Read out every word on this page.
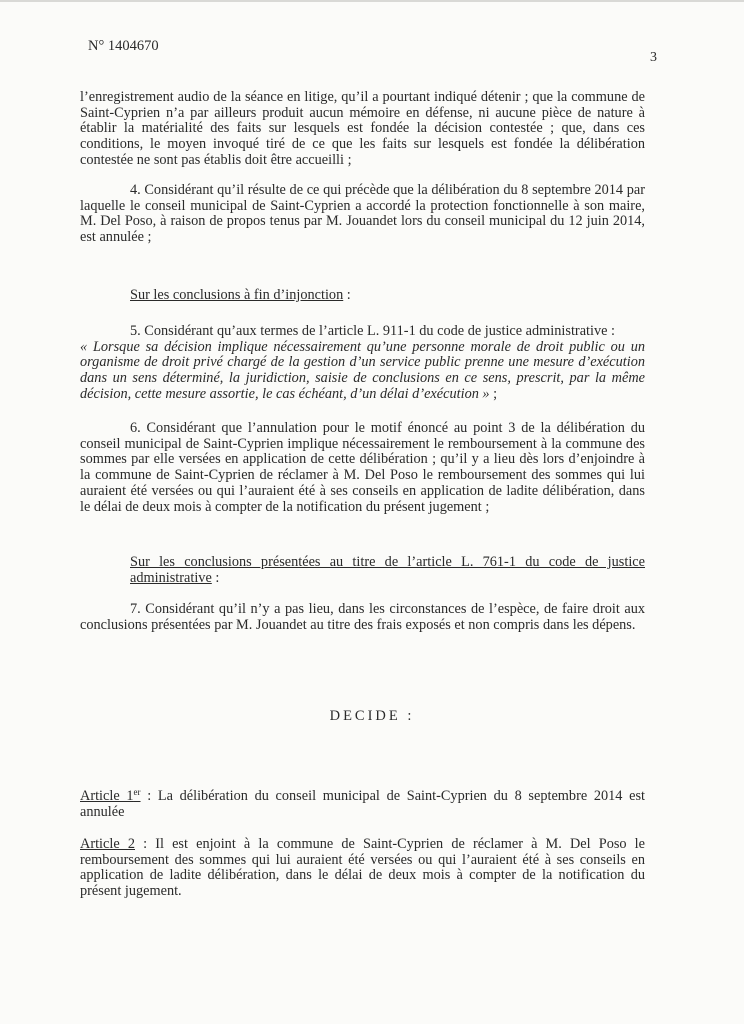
N° 1404670
3

l’enregistrement audio de la séance en litige, qu’il a pourtant indiqué détenir ; que la commune de Saint-Cyprien n’a par ailleurs produit aucun mémoire en défense, ni aucune pièce de nature à établir la matérialité des faits sur lesquels est fondée la décision contestée ; que, dans ces conditions, le moyen invoqué tiré de ce que les faits sur lesquels est fondée la délibération contestée ne sont pas établis doit être accueilli ;

4. Considérant qu’il résulte de ce qui précède que la délibération du 8 septembre 2014 par laquelle le conseil municipal de Saint-Cyprien a accordé la protection fonctionnelle à son maire, M. Del Poso, à raison de propos tenus par M. Jouandet lors du conseil municipal du 12 juin 2014, est annulée ;

Sur les conclusions à fin d’injonction :

5. Considérant qu’aux termes de l’article L. 911-1 du code de justice administrative :
« Lorsque sa décision implique nécessairement qu’une personne morale de droit public ou un organisme de droit privé chargé de la gestion d’un service public prenne une mesure d’exécution dans un sens déterminé, la juridiction, saisie de conclusions en ce sens, prescrit, par la même décision, cette mesure assortie, le cas échéant, d’un délai d’exécution » ;

6. Considérant que l’annulation pour le motif énoncé au point 3 de la délibération du conseil municipal de Saint-Cyprien implique nécessairement le remboursement à la commune des sommes par elle versées en application de cette délibération ; qu’il y a lieu dès lors d’enjoindre à la commune de Saint-Cyprien de réclamer à M. Del Poso le remboursement des sommes qui lui auraient été versées ou qui l’auraient été à ses conseils en application de ladite délibération, dans le délai de deux mois à compter de la notification du présent jugement ;

Sur les conclusions présentées au titre de l’article L. 761-1 du code de justice administrative :

7. Considérant qu’il n’y a pas lieu, dans les circonstances de l’espèce, de faire droit aux conclusions présentées par M. Jouandet au titre des frais exposés et non compris dans les dépens.

DECIDE :

Article 1er : La délibération du conseil municipal de Saint-Cyprien du 8 septembre 2014 est annulée

Article 2 : Il est enjoint à la commune de Saint-Cyprien de réclamer à M. Del Poso le remboursement des sommes qui lui auraient été versées ou qui l’auraient été à ses conseils en application de ladite délibération, dans le délai de deux mois à compter de la notification du présent jugement.
